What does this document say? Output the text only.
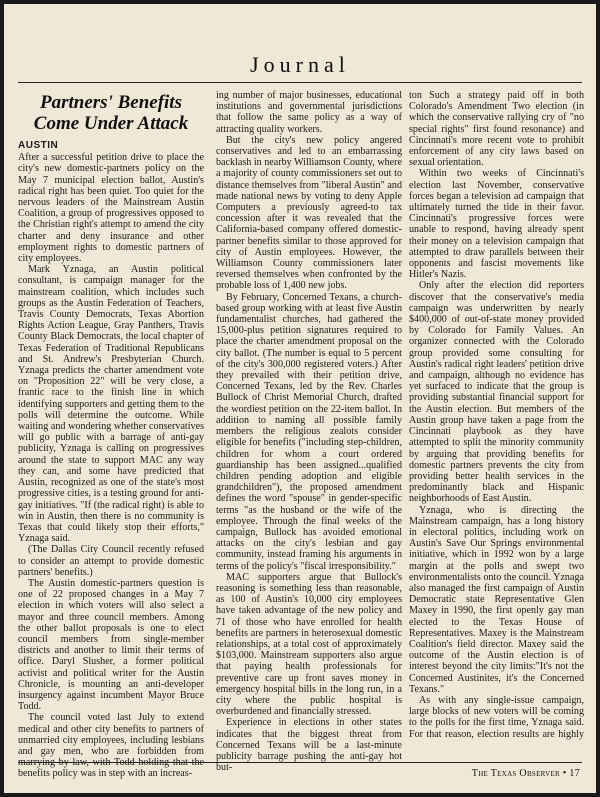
Journal
Partners' Benefits Come Under Attack
AUSTIN

After a successful petition drive to place the city's new domestic-partners policy on the May 7 municipal election ballot, Austin's radical right has been quiet. Too quiet for the nervous leaders of the Mainstream Austin Coalition, a group of progressives opposed to the Christian right's attempt to amend the city charter and deny insurance and other employment rights to domestic partners of city employees.

Mark Yznaga, an Austin political consultant, is campaign manager for the mainstream coalition, which includes such groups as the Austin Federation of Teachers, Travis County Democrats, Texas Abortion Rights Action League, Gray Panthers, Travis County Black Democrats, the local chapter of Texas Federation of Traditional Republicans and St. Andrew's Presbyterian Church. Yznaga predicts the charter amendment vote on "Proposition 22" will be very close, a frantic race to the finish line in which identifying supporters and getting them to the polls will determine the outcome. While waiting and wondering whether conservatives will go public with a barrage of anti-gay publicity, Yznaga is calling on progressives around the state to support MAC any way they can, and some have predicted that Austin, recognized as one of the state's most progressive cities, is a testing ground for anti-gay initiatives. "If (the radical right) is able to win in Austin, then there is no community is Texas that could likely stop their efforts," Yznaga said.

(The Dallas City Council recently refused to consider an attempt to provide domestic partners' benefits.)

The Austin domestic-partners question is one of 22 proposed changes in a May 7 election in which voters will also select a mayor and three council members. Among the other ballot proposals is one to elect council members from single-member districts and another to limit their terms of office. Daryl Slusher, a former political activist and political writer for the Austin Chronicle, is mounting an anti-developer insurgency against incumbent Mayor Bruce Todd.

The council voted last July to extend medical and other city benefits to partners of unmarried city employees, including lesbians and gay men, who are forbidden from marrying by law, with Todd holding that the benefits policy was in step with an increas-

ing number of major businesses, educational institutions and governmental jurisdictions that follow the same policy as a way of attracting quality workers.

But the city's new policy angered conservatives and led to an embarrassing backlash in nearby Williamson County, where a majority of county commissioners set out to distance themselves from "liberal Austin" and made national news by voting to deny Apple Computers a previously agreed-to tax concession after it was revealed that the California-based company offered domestic-partner benefits similar to those approved for city of Austin employees. However, the Williamson County commissioners later reversed themselves when confronted by the probable loss of 1,400 new jobs.

By February, Concerned Texans, a church-based group working with at least five Austin fundamentalist churches, had gathered the 15,000-plus petition signatures required to place the charter amendment proposal on the city ballot. (The number is equal to 5 percent of the city's 300,000 registered voters.) After they prevailed with their petition drive, Concerned Texans, led by the Rev. Charles Bullock of Christ Memorial Church, drafted the wordiest petition on the 22-item ballot. In addition to naming all possible family members the religious zealots consider eligible for benefits ("including step-children, children for whom a court ordered guardianship has been assigned...qualified children pending adoption and eligible grandchildren"), the proposed amendment defines the word "spouse" in gender-specific terms "as the husband or the wife of the employee. Through the final weeks of the campaign, Bullock has avoided emotional attacks on the city's lesbian and gay community, instead framing his arguments in terms of the policy's "fiscal irresponsibility."

MAC supporters argue that Bullock's reasoning is something less than reasonable, as 100 of Austin's 10,000 city employees have taken advantage of the new policy and 71 of those who have enrolled for health benefits are partners in heterosexual domestic relationships, at a total cost of approximately $103,000. Mainstream supporters also argue that paying health professionals for preventive care up front saves money in emergency hospital bills in the long run, in a city where the public hospital is overburdened and financially stressed.

Experience in elections in other states indicates that the biggest threat from Concerned Texans will be a last-minute publicity barrage pushing the anti-gay hot but-

ton Such a strategy paid off in both Colorado's Amendment Two election (in which the conservative rallying cry of "no special rights" first found resonance) and Cincinnati's more recent vote to prohibit enforcement of any city laws based on sexual orientation.

Within two weeks of Cincinnati's election last November, conservative forces began a television ad campaign that ultimately turned the tide in their favor. Cincinnati's progressive forces were unable to respond, having already spent their money on a television campaign that attempted to draw parallels between their opponents and fascist movements like Hitler's Nazis.

Only after the election did reporters discover that the conservative's media campaign was underwritten by nearly $400,000 of out-of-state money provided by Colorado for Family Values. An organizer connected with the Colorado group provided some consulting for Austin's radical right leaders' petition drive and campaign, although no evidence has yet surfaced to indicate that the group is providing substantial financial support for the Austin election. But members of the Austin group have taken a page from the Cincinnati playbook as they have attempted to split the minority community by arguing that providing benefits for domestic partners prevents the city from providing better health services in the predominantly black and Hispanic neighborhoods of East Austin.

Yznaga, who is directing the Mainstream campaign, has a long history in electoral politics, including work on Austin's Save Our Springs environmental initiative, which in 1992 won by a large margin at the polls and swept two environmentalists onto the council. Yznaga also managed the first campaign of Austin Democratic state Representative Glen Maxey in 1990, the first openly gay man elected to the Texas House of Representatives. Maxey is the Mainstream Coalition's field director. Maxey said the outcome of the Austin election is of interest beyond the city limits:"It's not the Concerned Austinites, it's the Concerned Texans."

As with any single-issue campaign, large blocks of new voters will be coming to the polls for the first time, Yznaga said. For that reason, election results are highly

The Texas Observer • 17
